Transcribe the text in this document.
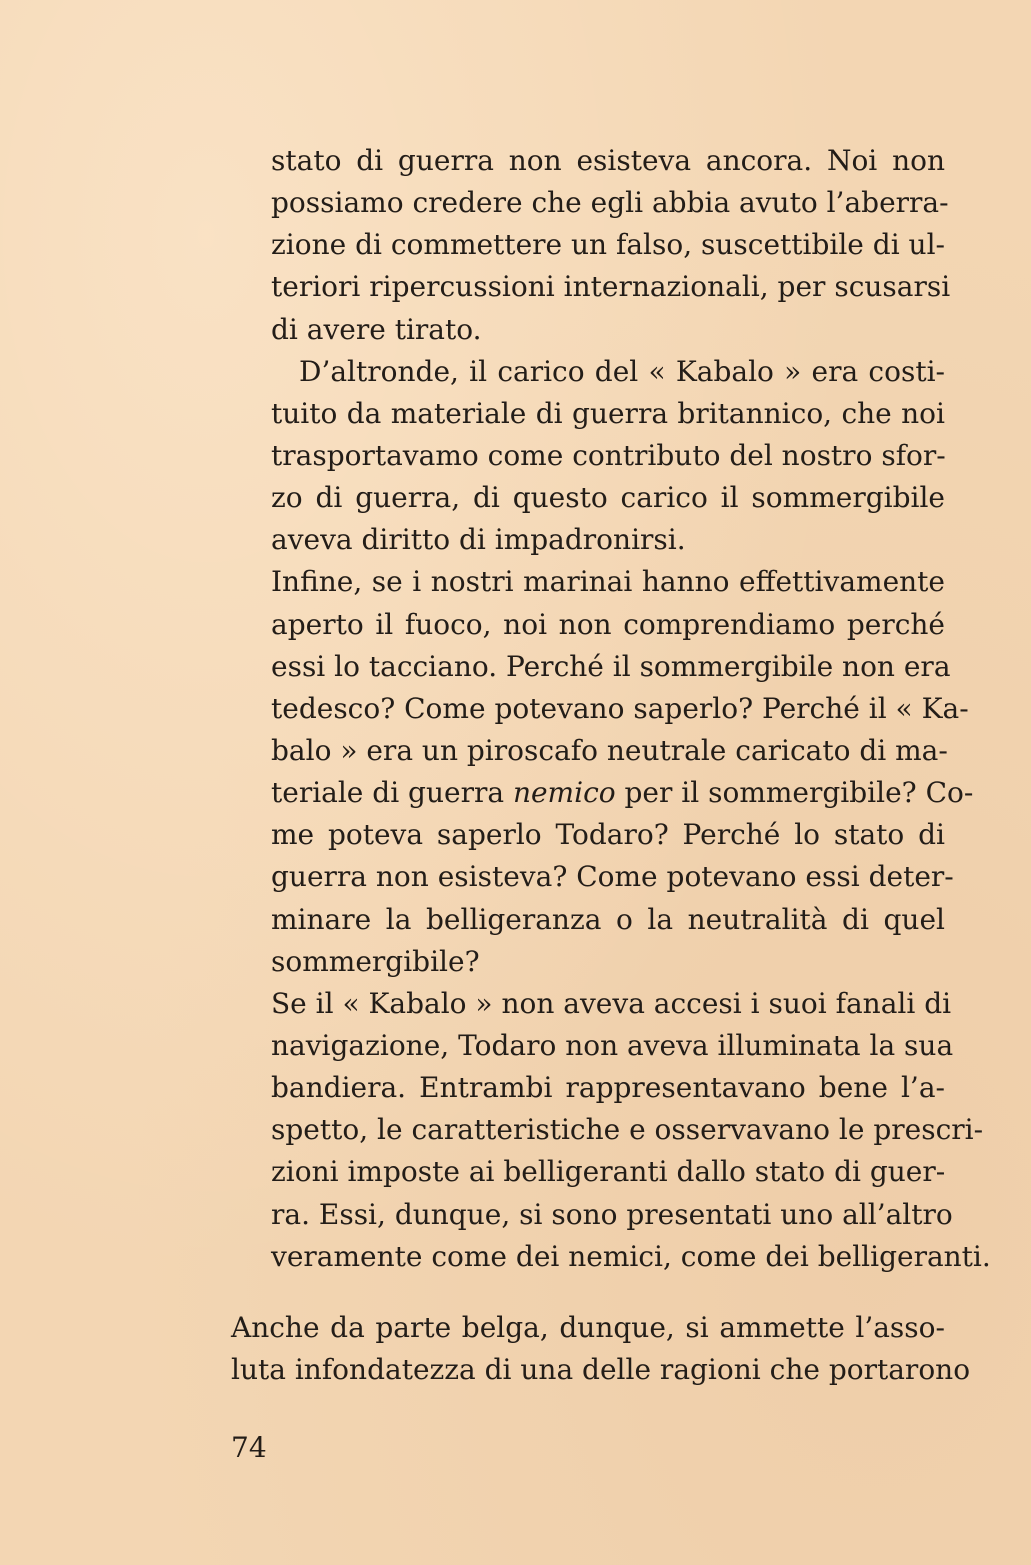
stato di guerra non esisteva ancora. Noi non
possiamo credere che egli abbia avuto l’aberra-
zione di commettere un falso, suscettibile di ul-
teriori ripercussioni internazionali, per scusarsi
di avere tirato.
D’altronde, il carico del « Kabalo » era costi-
tuito da materiale di guerra britannico, che noi
trasportavamo come contributo del nostro sfor-
zo di guerra, di questo carico il sommergibile
aveva diritto di impadronirsi.
Infine, se i nostri marinai hanno effettivamente
aperto il fuoco, noi non comprendiamo perché
essi lo tacciano. Perché il sommergibile non era
tedesco? Come potevano saperlo? Perché il « Ka-
balo » era un piroscafo neutrale caricato di ma-
teriale di guerra nemico per il sommergibile? Co-
me poteva saperlo Todaro? Perché lo stato di
guerra non esisteva? Come potevano essi deter-
minare la belligeranza o la neutralità di quel
sommergibile?
Se il « Kabalo » non aveva accesi i suoi fanali di
navigazione, Todaro non aveva illuminata la sua
bandiera. Entrambi rappresentavano bene l’a-
spetto, le caratteristiche e osservavano le prescri-
zioni imposte ai belligeranti dallo stato di guer-
ra. Essi, dunque, si sono presentati uno all’altro
veramente come dei nemici, come dei belligeranti.
Anche da parte belga, dunque, si ammette l’asso-
luta infondatezza di una delle ragioni che portarono
74
